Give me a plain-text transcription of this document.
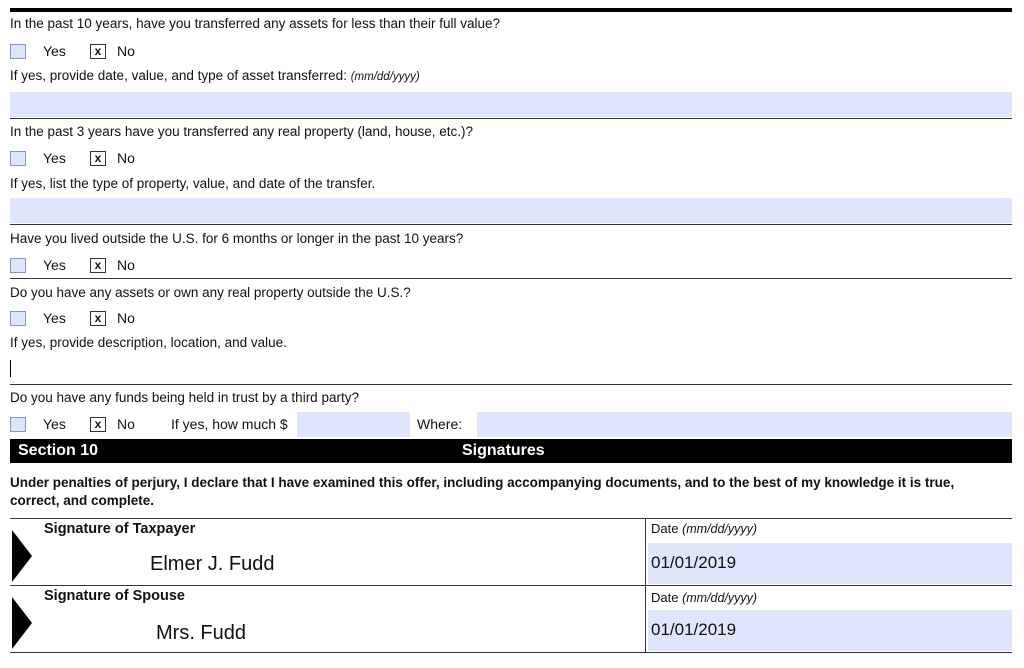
In the past 10 years, have you transferred any assets for less than their full value?
Yes	x	No
If yes, provide date, value, and type of asset transferred: (mm/dd/yyyy)
In the past 3 years have you transferred any real property (land, house, etc.)?
Yes	x	No
If yes, list the type of property, value, and date of the transfer.
Have you lived outside the U.S. for 6 months or longer in the past 10 years?
Yes	x	No
Do you have any assets or own any real property outside the U.S.?
Yes	x	No
If yes, provide description, location, and value.
Do you have any funds being held in trust by a third party?
Yes	x	No	If yes, how much $	Where:
Section 10	Signatures
Under penalties of perjury, I declare that I have examined this offer, including accompanying documents, and to the best of my knowledge it is true, correct, and complete.
Signature of Taxpayer
Elmer J. Fudd
Date (mm/dd/yyyy)
01/01/2019
Signature of Spouse
Mrs. Fudd
Date (mm/dd/yyyy)
01/01/2019
